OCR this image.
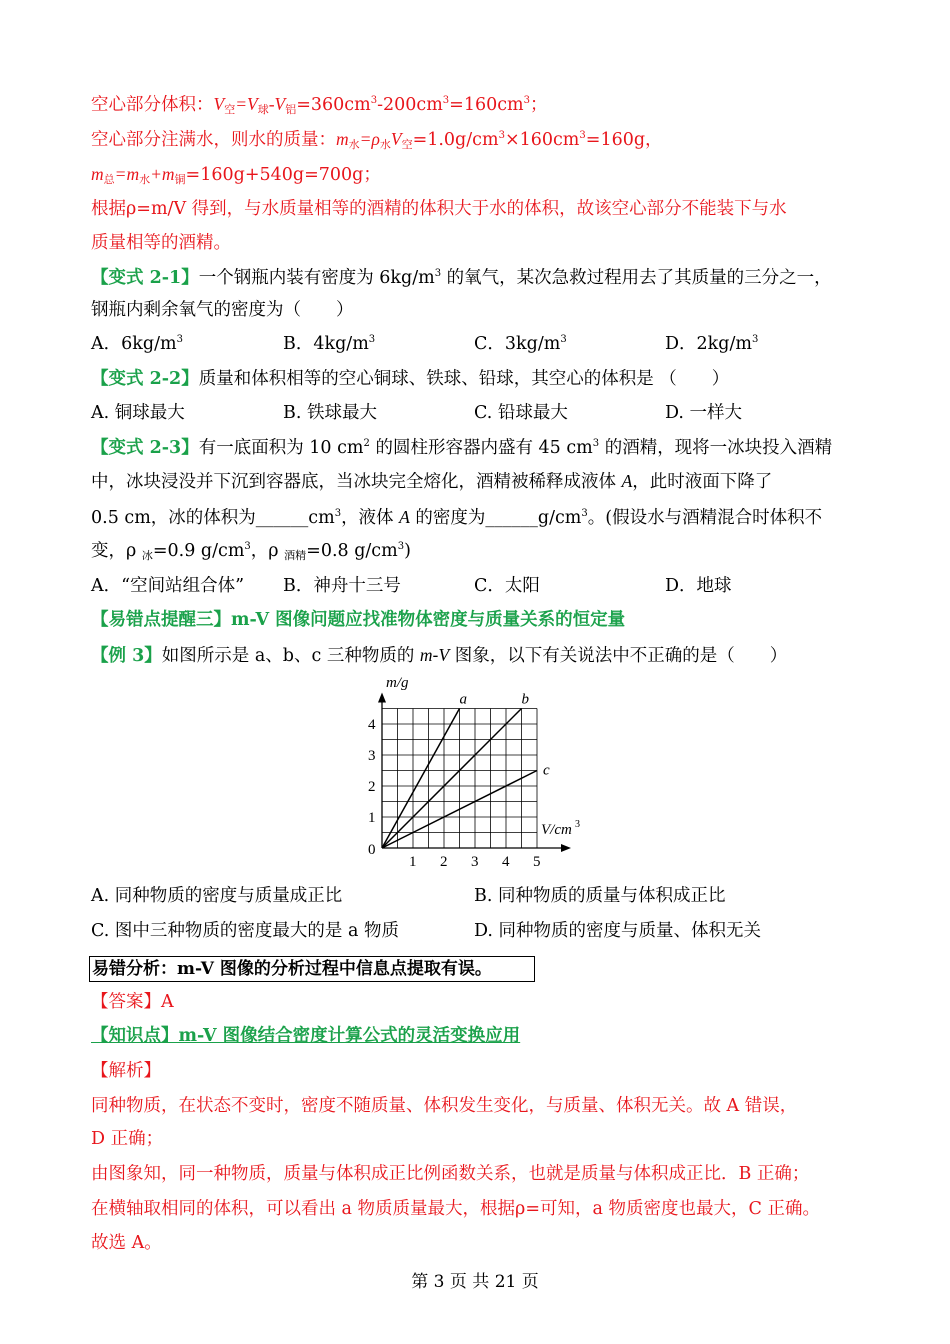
空心部分体积：$V_空=V_球-V_铝=360cm^3-200cm^3=160cm^3$；
空心部分注满水，则水的质量：$m_水=\rho_水V_空=1.0g/cm^3\times 160cm^3=160g$，
$m_总=m_水+m_铜=160g+540g=700g$；
根据ρ=m/V 得到，与水质量相等的酒精的体积大于水的体积，故该空心部分不能装下与水
质量相等的酒精。
【变式 2-1】一个钢瓶内装有密度为 $6kg/m^3$ 的氧气，某次急救过程用去了其质量的三分之一，
钢瓶内剩余氧气的密度为（　　）
A．$6kg/m^3$	B．$4kg/m^3$	C．$3kg/m^3$	D．$2kg/m^3$
【变式 2-2】质量和体积相等的空心铜球、铁球、铅球，其空心的体积是 （　　）
A. 铜球最大	B. 铁球最大	C. 铅球最大	D. 一样大
【变式 2-3】有一底面积为 10 $cm^2$ 的圆柱形容器内盛有 45 $cm^3$ 的酒精，现将一冰块投入酒精
中，冰块浸没并下沉到容器底，当冰块完全熔化，酒精被稀释成液体 A，此时液面下降了
0.5 cm，冰的体积为$\_\_\_\_\_\_cm^3$，液体 A 的密度为$\_\_\_\_\_\_g/cm^3$。(假设水与酒精混合时体积不
变，ρ $_冰$=0.9 $g/cm^3$，ρ $_{酒精}$=0.8 $g/cm^3$)
A．“空间站组合体” B．神舟十三号	C．太阳	D．地球
【易错点提醒三】m-V 图像问题应找准物体密度与质量关系的恒定量
【例 3】如图所示是 a、b、c 三种物质的 m-V 图象，以下有关说法中不正确的是（　　）
a	b
c
1 2 3 4 5
1
2
3
4
0
m/g
V/cm 3
A. 同种物质的密度与质量成正比	B. 同种物质的质量与体积成正比
C. 图中三种物质的密度最大的是 a 物质	D. 同种物质的密度与质量、体积无关
易错分析：m-V 图像的分析过程中信息点提取有误。
【答案】A
【知识点】m-V 图像结合密度计算公式的灵活变换应用
【解析】
同种物质，在状态不变时，密度不随质量、体积发生变化，与质量、体积无关。故 A 错误，
D 正确；
由图象知，同一种物质，质量与体积成正比例函数关系，也就是质量与体积成正比．B 正确；
在横轴取相同的体积，可以看出 a 物质质量最大，根据ρ=可知，a 物质密度也最大，C 正确。
故选 A。
第 3 页 共 21 页
